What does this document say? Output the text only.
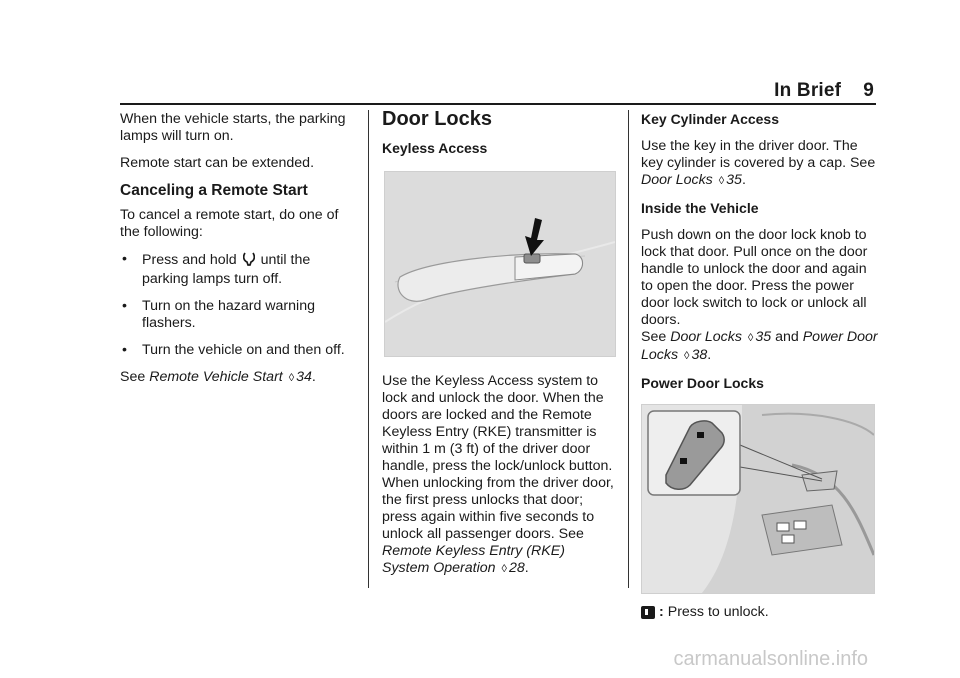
In Brief 9

When the vehicle starts, the parking lamps will turn on.

Remote start can be extended.

Canceling a Remote Start

To cancel a remote start, do one of the following:

• Press and hold until the parking lamps turn off.
• Turn on the hazard warning flashers.
• Turn the vehicle on and then off.

See Remote Vehicle Start ◊ 34.

Door Locks
Keyless Access

Use the Keyless Access system to lock and unlock the door. When the doors are locked and the Remote Keyless Entry (RKE) transmitter is within 1 m (3 ft) of the driver door handle, press the lock/unlock button. When unlocking from the driver door, the first press unlocks that door; press again within five seconds to unlock all passenger doors. See Remote Keyless Entry (RKE) System Operation ◊ 28.

Key Cylinder Access

Use the key in the driver door. The key cylinder is covered by a cap. See Door Locks ◊ 35.

Inside the Vehicle

Push down on the door lock knob to lock that door. Pull once on the door handle to unlock the door and again to open the door. Press the power door lock switch to lock or unlock all doors.
See Door Locks ◊ 35 and Power Door Locks ◊ 38.

Power Door Locks
: Press to unlock.
carmanualsonline.info
